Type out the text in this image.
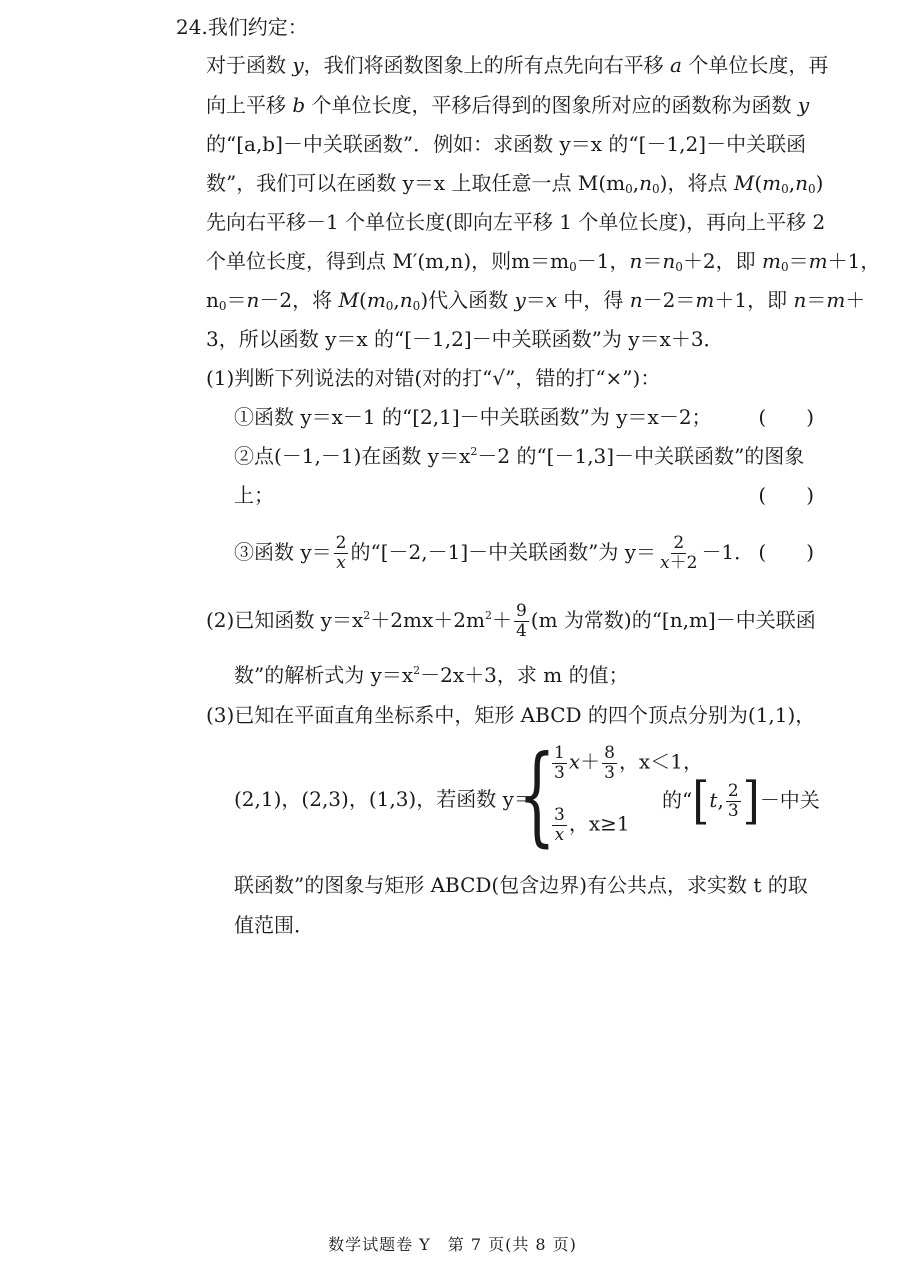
24.我们约定：
对于函数 y，我们将函数图象上的所有点先向右平移 a 个单位长度，再
向上平移 b 个单位长度，平移后得到的图象所对应的函数称为函数 y
的“[a,b]－中关联函数”．例如：求函数 y＝x 的“[－1,2]－中关联函
数”，我们可以在函数 y＝x 上取任意一点 $M(m_0,n_0)$，将点 $M(m_0,n_0)$
先向右平移－1 个单位长度(即向左平移 1 个单位长度)，再向上平移 2
个单位长度，得到点 M′(m,n)，则$m=m_0-1$，$n=n_0+2$，即 $m_0=m+1$，
$n_0=n-2$，将 $M(m_0,n_0)$代入函数 y＝x 中，得 n－2＝m＋1，即 n＝m＋
3，所以函数 y＝x 的“[－1,2]－中关联函数”为 y＝x＋3．
(1)判断下列说法的对错(对的打“√”，错的打“×”)：
①函数 y＝x－1 的“[2,1]－中关联函数”为 y＝x－2； (　　)
②点(－1,－1)在函数 $y=x^2-2$ 的“[－1,3]－中关联函数”的图象
上；	(　　)
③函数 $y= \frac{2}{x}$ 的“[－2,－1]－中关联函数”为 $y= \frac{2}{x+2} -1$． (　　)
(2)已知函数 $y=x^2+2mx+2m^2+ \frac{9}{4} (m$ 为常数)的“[n,m]－中关联函
数”的解析式为 $y=x^2-2x+3$，求 m 的值；
(3)已知在平面直角坐标系中，矩形 ABCD 的四个顶点分别为(1,1)，
(2,1)，(2,3)，(1,3)，若函数 y＝
{
$\frac{1}{3} x+ \frac{8}{3}$ ，x＜1，
$\frac{3}{x}$ ，x≥1
的“[t, $\frac{2}{3}$ ]－中关
联函数”的图象与矩形 ABCD(包含边界)有公共点，求实数 t 的取
值范围．
数学试题卷 Y　第 7 页(共 8 页)
